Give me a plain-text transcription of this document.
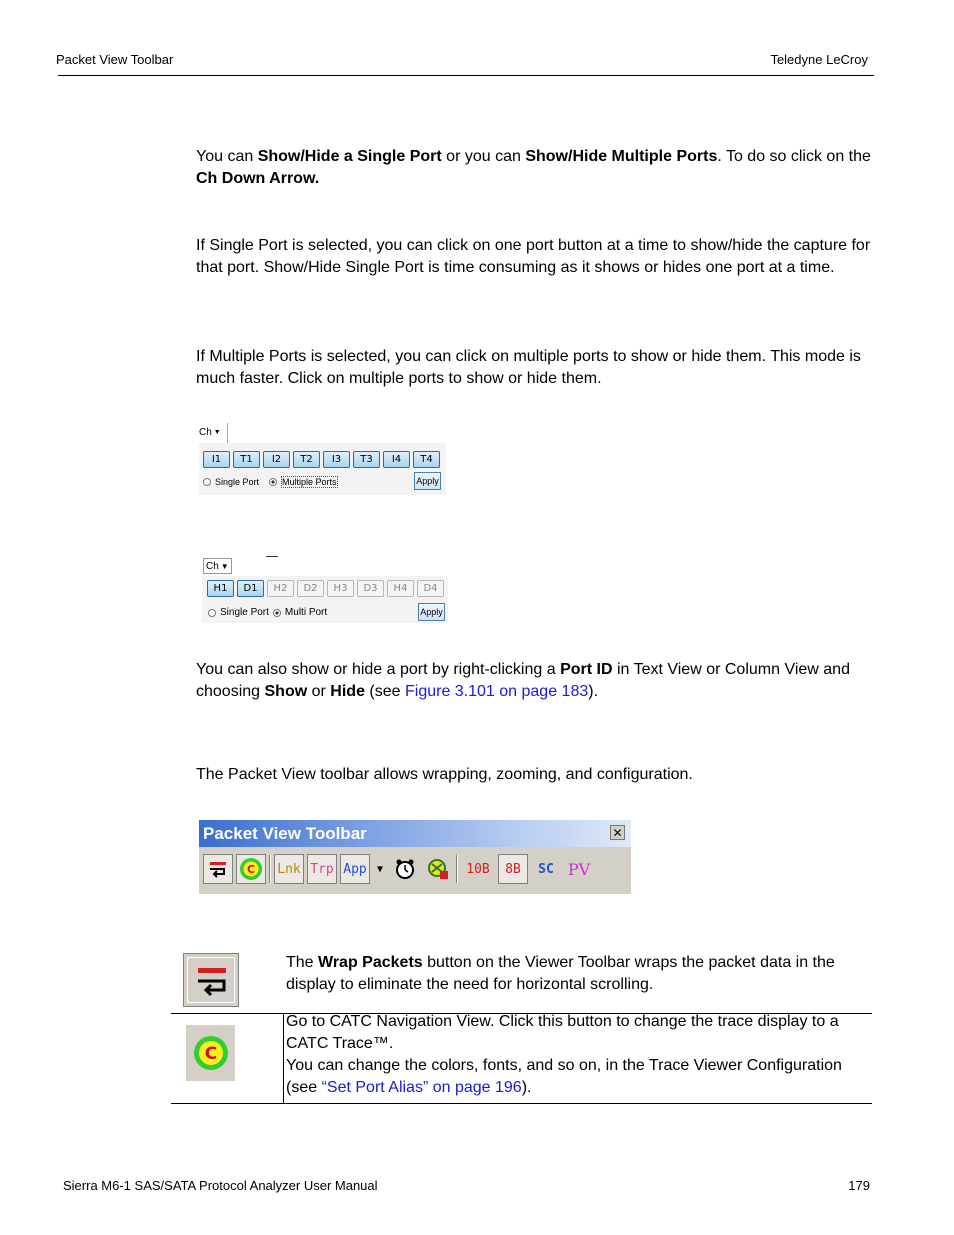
Packet View Toolbar	Teledyne LeCroy
You can Show/Hide a Single Port or you can Show/Hide Multiple Ports. To do so click on the Ch Down Arrow.
If Single Port is selected, you can click on one port button at a time to show/hide the capture for that port. Show/Hide Single Port is time consuming as it shows or hides one port at a time.
If Multiple Ports is selected, you can click on multiple ports to show or hide them. This mode is much faster. Click on multiple ports to show or hide them.
Ch ▼
I1	T1	I2	T2	I3	T3	I4	T4
Single Port	Multiple Ports	Apply
Ch ▼
H1	D1	H2	D2	H3	D3	H4	D4
Single Port Multi Port	Apply
You can also show or hide a port by right-clicking a Port ID in Text View or Column View and choosing Show or Hide (see Figure 3.101 on page 183).
The Packet View toolbar allows wrapping, zooming, and configuration.
Packet View Toolbar	✕
C Lnk Trp App	▼	10B	8B	SC PV
The Wrap Packets button on the Viewer Toolbar wraps the packet data in the display to eliminate the need for horizontal scrolling.
C
Go to CATC Navigation View. Click this button to change the trace display to a CATC Trace™.
You can change the colors, fonts, and so on, in the Trace Viewer Configuration (see “Set Port Alias” on page 196).
Sierra M6-1 SAS/SATA Protocol Analyzer User Manual	179
